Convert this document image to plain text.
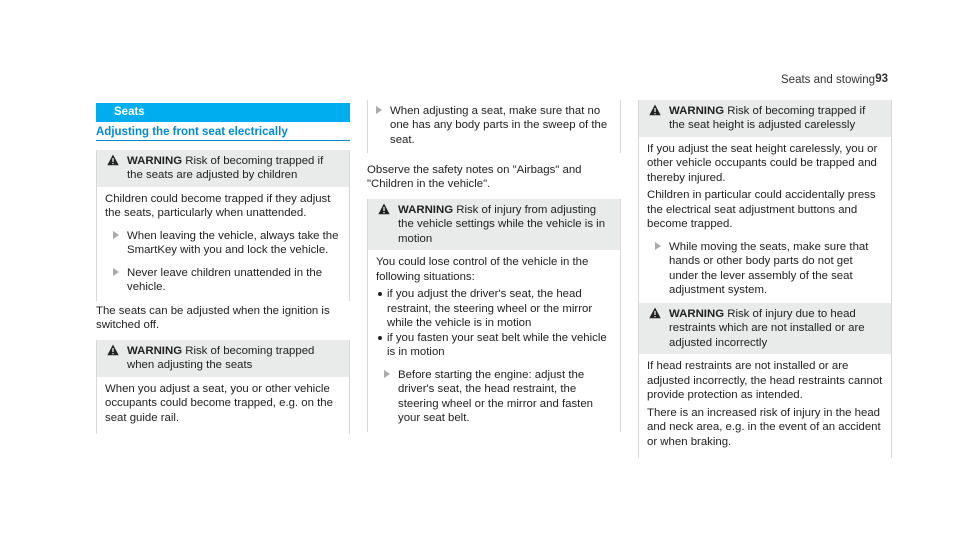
Seats and stowing 93
Seats
Adjusting the front seat electrically
WARNING Risk of becoming trapped if the seats are adjusted by children

Children could become trapped if they adjust the seats, particularly when unattended.

When leaving the vehicle, always take the SmartKey with you and lock the vehicle.
Never leave children unattended in the vehicle.
The seats can be adjusted when the ignition is switched off.
WARNING Risk of becoming trapped when adjusting the seats

When you adjust a seat, you or other vehicle occupants could become trapped, e.g. on the seat guide rail.

When adjusting a seat, make sure that no one has any body parts in the sweep of the seat.
Observe the safety notes on "Airbags" and "Children in the vehicle".
WARNING Risk of injury from adjusting the vehicle settings while the vehicle is in motion

You could lose control of the vehicle in the following situations:

if you adjust the driver's seat, the head restraint, the steering wheel or the mirror while the vehicle is in motion
if you fasten your seat belt while the vehicle is in motion
Before starting the engine: adjust the driver's seat, the head restraint, the steering wheel or the mirror and fasten your seat belt.
WARNING Risk of becoming trapped if the seat height is adjusted carelessly

If you adjust the seat height carelessly, you or other vehicle occupants could be trapped and thereby injured.

Children in particular could accidentally press the electrical seat adjustment buttons and become trapped.

While moving the seats, make sure that hands or other body parts do not get under the lever assembly of the seat adjustment system.
WARNING Risk of injury due to head restraints which are not installed or are adjusted incorrectly

If head restraints are not installed or are adjusted incorrectly, the head restraints cannot provide protection as intended.

There is an increased risk of injury in the head and neck area, e.g. in the event of an accident or when braking.
